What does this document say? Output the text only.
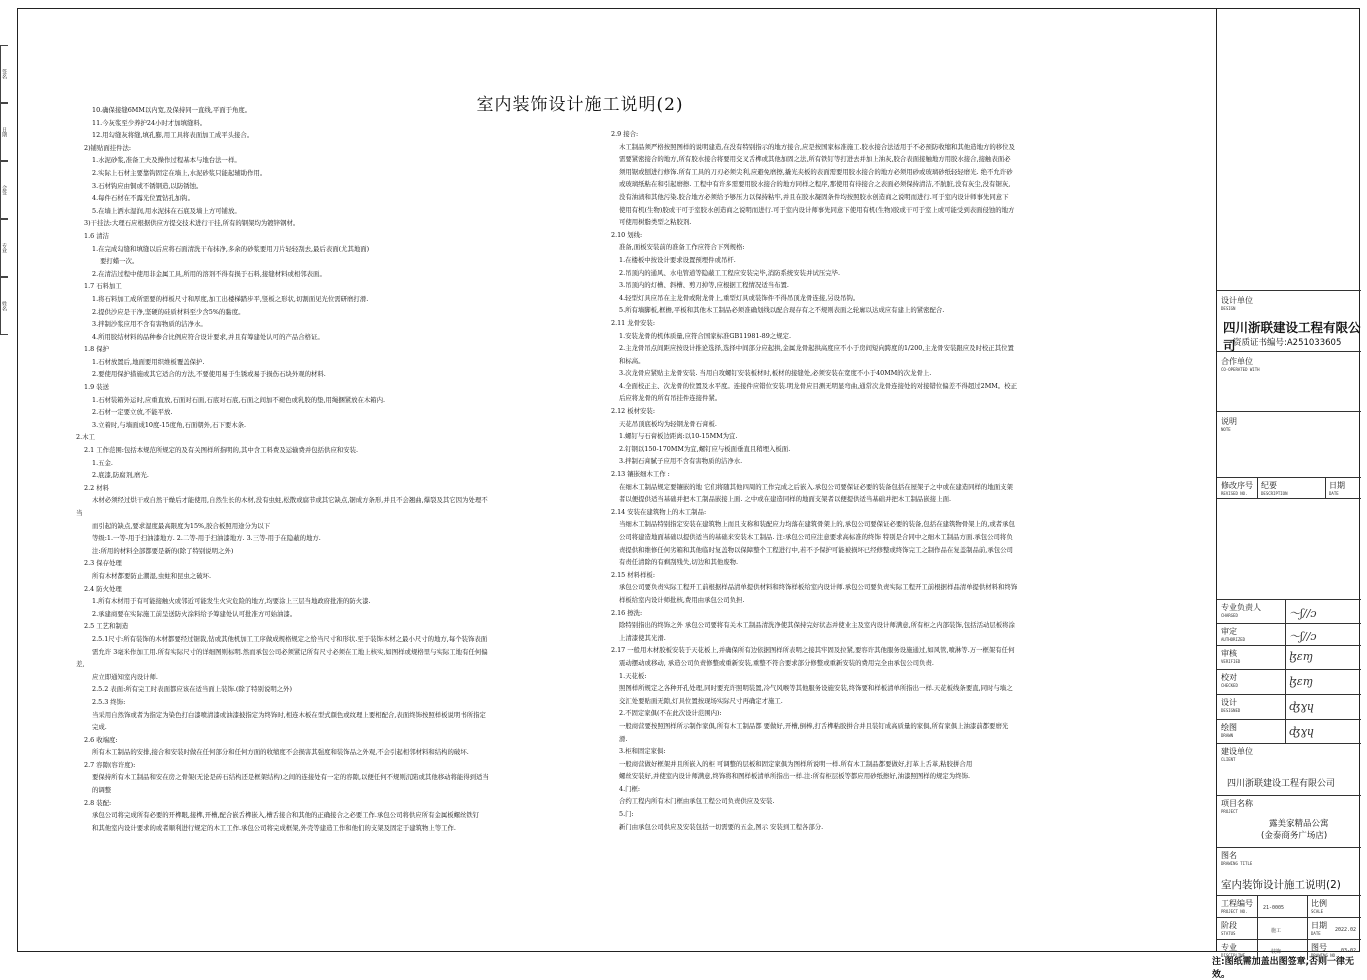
签名
日期
会签
专业
姓名
室内装饰设计施工说明(2)
10.确保接缝6MM以内宽,及保持同一直线,平面于角度。
11.今灰浆至少养护24小时才加填缝料。
12.用勾缝灰将缝,填孔膨,用工具将表面加工成平头接合。
2)铺贴面挂件法:
1.水泥砂浆,准备工夫及操作过程基本与地台法一样。
2.实际上石材主要靠钩固定在墙上,水泥砂浆只能起辅助作用。
3.石材钩应由铜或不锈钢造,以防锈蚀。
4.每件石材在不露光位置钻孔加钩。
5.在墙上洒水湿润,用水泥抹在石底及墙上方可铺放。
3)干挂法:大理石应根据供应方提交技术进行干挂,所有的钢架均为镀锌钢材。
1.6 清洁
1.在完成勾缝和填缝以后应将石面清洗干布抹净,多余的砂浆要用刀片轻轻刮去,最后表面(尤其地面)
要打蜡一次。
2.在清洁过程中使用非金属工具,所用的溶剂不得有损于石料,接缝材料或相邻表面。
1.7 石料加工
1.将石料加工成所需要的样板尺寸和厚度,加工出楼梯踏步平,竖板之形状,切割面见光位需研磨打滑.
2.提供沙应是干净,坚硬的硅质材料至少含5%的黏度。
3.拌制沙浆应用不含有害物质的洁净水。
4.所用胶结材料的品种参合比例应符合设计要求,并且有筹建处认可的产品合格证。
1.8 保护
1.石材放置后,地面要用织维板覆盖保护.
2.要使用保护措施或其它适合的方法,不要使用易于生锈或易于损伤石块外观的材料.
1.9 装送
1.石材装箱外运时,应重直放,石面对石面,石底对石底,石面之间加不褪色或乳胶的垫,用绳捆紧放在木箱内.
2.石材一定要立放,不能平放.
3.立着时,与墙面成10度-15度角,石面朝外,石下要木条.
2.木工
2.1 工作范围:包括本规范所规定的及有关图样所指明的,其中含工料费及运输费并包括供应和安装.
1.五金.
2.底漆,防腐剂,磨光.
2.2 材料
木材必须经过烘干或自然干燥后才能使用,自然生长的木材,没有虫蛀,松散或腐节或其它缺点,锯成方条形,并且不会翘曲,爆裂及其它因为处理不
当
而引起的缺点,要求湿度最高限度为15%,胶合板照用途分为以下
等级:1.一等-用于扫油漆地方. 2.二等-用于扫油漆地方. 3.三等-用于在隐蔽的地方.
注:所用的材料全部都要是新的(除了特别说明之外)
2.3 保存处理
所有木材都要防止潮湿,虫蛀和昆虫之破坏.
2.4 防火处理
1.所有木材用于有可能接触火或邻近可能发生火灾危险的地方,均要涂上三层当地政府批准的防火漆.
2.承建商要在实际施工前呈送防火涂料给予筹建处认可批准方可始油漆。
2.5 工艺和制造
2.5.1尺寸:所有装饰的木材都要经过锯裁,钻或其他机加工工序做成规格规定之恰当尺寸和形状.至于装饰木材之最小尺寸的地方,每个装饰表面
需允许 3毫米作加工用.所有实际尺寸的详细图则标明.然而承包公司必须紧记所有尺寸必须在工地上核实,如图样或规格里与实际工地有任何偏
差,
应立即通知室内设计师.
2.5.2 表面:所有完工时表面都应该在适当面上装饰.(除了特别说明之外)
2.5.3 终饰:
当采用自然饰或者为指定为染色打白漆喷清漆或油漆披指定为终饰时,相连木板在型式颜色或纹理上要相配合,表面终饰按照样板说明书所指定
完成.
2.6 收端度:
所有木工制品的安排,接合和安装时做在任何部分和任何方面的收缩度不会损害其强度和装饰品之外观,不会引起相邻材料和结构的破坏.
2.7 容隙(容许度):
要保持所有木工制品和安在房之骨架(无论是砖石结构还是框架结构)之间的连接处有一定的容隙,以便任何不规则沉陷或其他移动将能得到适当
的调整
2.8 装配:
承包公司将完成所有必要的开榫眼,接榫,开槽,配合嵌舌榫嵌入,槽舌接合和其他的正确接合之必要工作.承包公司将供应所有金属板螺丝铁钉
和其他室内设计要求的或者顺利进行规定的木工工作.承包公司将完成框架,外壳等建造工作和他们的支架及固定于建筑物上等工作.
2.9 接合:
木工制品须严格按照图样的说明建造,在没有特别指示的地方接合,应是按国家标准施工.胶水接合法适用于不必预防收缩和其他造地方的移位及
需要紧密接合的地方,所有胶水接合将要用交叉舌榫或其他加固之法,所有铁钉等打进去并加上油灰,胶合表面接触地方用胶水接合,接触表面必
须用锯或刨进行修饰.所有工具的刀刃必须尖利,应避免磨擦,撬光夹板的表面需要用胶水接合的地方必须用砂或玻璃砂纸轻轻磨光. 绝不允许砂
或玻璃纸粘在和引起磨擦. 工程中有许多需要用胶水接合的地方同样之程序,那使用有待接合之表面必须保持清洁,不肮脏,没有灰尘,没有锯灰,
没有油渍和其他污染.胶合地方必须给予够压力以保持粘牢,并且在胶水凝固条件均按照胶水创造商之说明而进行.可于室内设计师事先同意下
使用有机(生物)胶或干可于室胶水创造商之说明而进行.可于室内设计师事先同意下使用有机(生物)胶或干可于室上或可能受到表面侵蚀的地方
可使用树脂类型之粘胶剂.
2.10 划线:
准备,面板安装前的准备工作应符合下列规格:
1.在楼板中按设计要求设置预埋件或吊杆.
2.吊顶内的通风、水电管道等隐蔽工工程应安装完毕,消防系统安装并试压完毕.
3.吊顶内的灯槽、斜槽、剪刀掉等,应根据工程情况适当布置.
4.轻型灯具应吊在主龙骨或附龙骨上,重型灯具或装饰件不得吊顶龙骨连接,另设吊钩。
5.所有墙脚板,框檐,平板和其他木工制品必须准确划线以配合现存有之不规则表面之轮廓以达成应有建上的紧密配合.
2.11 龙骨安装:
1.安装龙骨的机体质量,应符合国家标准GB11981-89之规定.
2.主龙骨吊点间距应按设计推论选择,选择中间部分应起拱,金属龙骨起拱高度应不小于房间短向跨度的1/200,主龙骨安装跟应及时校正其位置
和标高。
3.次龙骨应紧贴主龙骨安装. 当用自攻螺钉安装板材时,板材的接缝处,必须安装在宽度不小于40MM的次龙骨上.
4.全面校正主、次龙骨的位置及水平度。连接件应错位安装.明龙骨应目测无明显弯曲,通常次龙骨连接处的对接错位偏差不得超过2MM。校正
后应将龙骨的所有吊挂件连接件紧。
2.12 板材安装:
天花吊顶底板均为轻钢龙骨石膏板.
1.螺钉与石膏板边距离:以10-15MM为宜.
2.钉钢以150-170MM为宜,螺钉应与板面垂直且稍埋入板面.
3.拌制石膏腻子应用不含有害物质的洁净水.
2.13 镶嵌细木工作 :
在细木工制品规定要镶嵌的地 它们将随其他四周的工作完成之后嵌入.承包公司要保证必要的装备包括在屋架子之中或在建造同样的地面支架
者以便提供适当基础并把木工制品嵌接上面. 之中或在建造同样的地面支架者以便提供适当基础并把木工制品嵌接上面.
2.14 安装在建筑物上的木工制品:
当细木工制品特别指定安装在建筑物上而且支称和装配应力均落在建筑骨架上的,承包公司要保证必要的装备,包括在建筑物骨架上的,或者承包
公司将建造地面基础以提供适当的基础来安装木工制品. 注:承包公司应注意要求高标准的终饰 特别是合同中之细木工制品方面.承包公司将负
责提供和维修任何劣箱和其他临时复盖物以保障整个工程进行中,若不予保护可能被损坏已经修整或终饰完工之制作品在复盖制品前,承包公司
有责任清除的有剩刮残失,切边和其他废物.
2.15 材料样板:
承包公司要负责实际工程开工前根据样品清单提供材料和终饰样板给室内设计师.承包公司要负责实际工程开工前根据样品清单提供材料和终饰
样板给室内设计师批核,费用由承包公司负担.
2.16 擦洗:
除特别指出的终饰之外 承包公司要将有关木工制品清洗净使其保持完好状态并使业主及室内设计师满意,所有柜之内部装饰,包括活动层板将涂
上清漆使其光滑.
2.17 一般用木材胶板安装于天花板上,并确保所有边依据图样所表明之接其牢固及拉紧,要容许其他服务设施通过,如风管,喷淋等.万一框架有任何
震动摆动或移动, 承造公司负责修整或重新安装,重整不符合要求部分修整或重新安装的费用完全由承包公司负责.
1.天花板:
照图样所规定之各种开孔处理,同时要充许照明装置,冷气风喉等其他服务设施安装,终饰要和样板清单所指出一样.天花板线条要直,同时与墙之
交汇处要贴面无隙,灯具位置按现场实际尺寸再确定才施工.
2.不固定家俱(不在此次设计范围内):
一般商营要按照图样所示制作家俱,所有木工制品都 要做好,开槽,倒棒,打舌榫粘胶拼合并且装钉成高质量的家俱,所有家俱上油漆前都要磨光
滑.
3.柜和固定家俱:
一般商营做好框架并且所嵌入的柜 可调整的层板和固定家俱为图样所说明一样.所有木工制品都要做好,打革上舌革,粘胶拼合用
螺丝安装好,并使室内设计师满意,终饰将和图样板清单所指出一样.注:所有柜层板等都应用砂纸擦好,油漆照图样的规定为终饰.
4.门框:
合约工程内所有木门框由承包工程公司负责供应及安装.
5.门:
新门由承包公司供应及安装包括一切需要的五金,图示 安装到工程各部分.
设计单位
DESIGN
四川浙联建设工程有限公司
资质证书编号:A251033605
合作单位
CO-OPERATED WITH
说明
NOTE
修改序号
REVISED NO.
纪要
DESCRIPTION
日期
DATE
专业负责人
CHARGED	～ʃ∕∕ɔ
审定
AUTHORIZED	～ʃ∕∕ɔ
审核
VERIFIED	ɮɛɱ
校对
CHECKED	ɮɛɱ
设计
DESIGNED	ʤɣɥ
绘图
DRAWN	ʤɣɥ
建设单位
CLIENT
四川浙联建设工程有限公司
项目名称
PROJECT
露美家精品公寓
(金泰商务广场店)
图名
DRAWING TITLE
室内装饰设计施工说明(2)
工程编号
PROJECT NO.
21-0005	比例
SCALE
阶段
STATUS	施工
日期
DATE
2022.02
专业
DISCIPLINE
装饰	图号
DRAWING NO.
03-02
注:图纸需加盖出图签章,否则一律无效。
